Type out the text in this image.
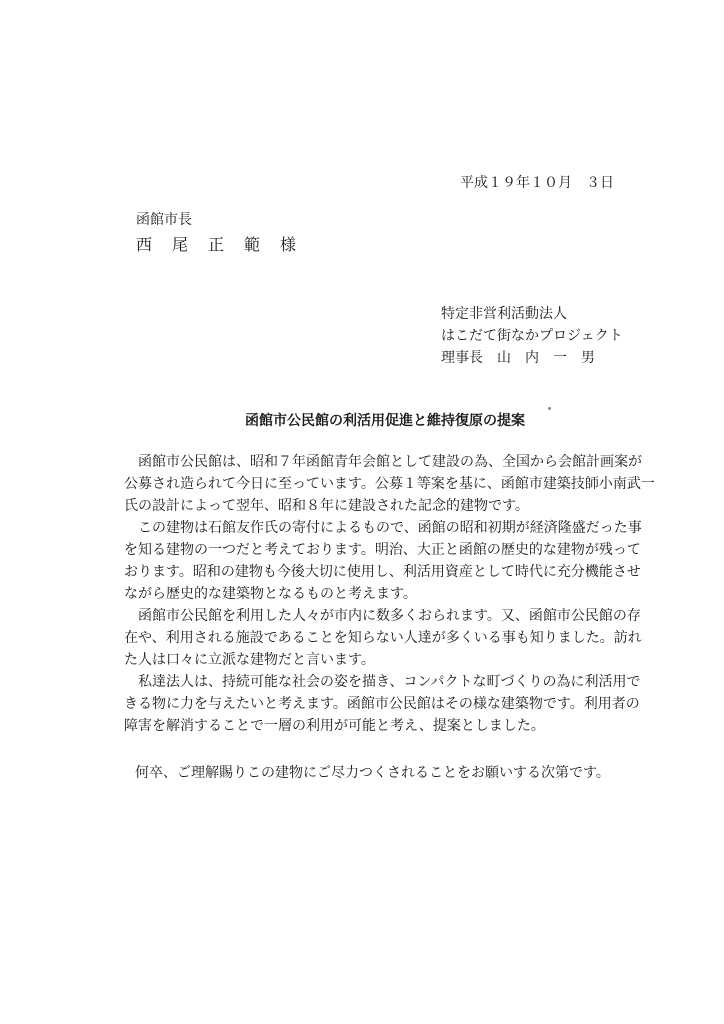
平成１９年１０月　３日
函館市長
西　尾　正　範　様
特定非営利活動法人
はこだて街なかプロジェクト
理事長　山　内　一　男
函館市公民館の利活用促進と維持復原の提案
　函館市公民館は、昭和７年函館青年会館として建設の為、全国から会館計画案が
公募され造られて今日に至っています。公募１等案を基に、函館市建築技師小南武一
氏の設計によって翌年、昭和８年に建設された記念的建物です。
　この建物は石館友作氏の寄付によるもので、函館の昭和初期が経済隆盛だった事
を知る建物の一つだと考えております。明治、大正と函館の歴史的な建物が残って
おります。昭和の建物も今後大切に使用し、利活用資産として時代に充分機能させ
ながら歴史的な建築物となるものと考えます。
　函館市公民館を利用した人々が市内に数多くおられます。又、函館市公民館の存
在や、利用される施設であることを知らない人達が多くいる事も知りました。訪れ
た人は口々に立派な建物だと言います。
　私達法人は、持続可能な社会の姿を描き、コンパクトな町づくりの為に利活用で
きる物に力を与えたいと考えます。函館市公民館はその様な建築物です。利用者の
障害を解消することで一層の利用が可能と考え、提案としました。
何卒、ご理解賜りこの建物にご尽力つくされることをお願いする次第です。
